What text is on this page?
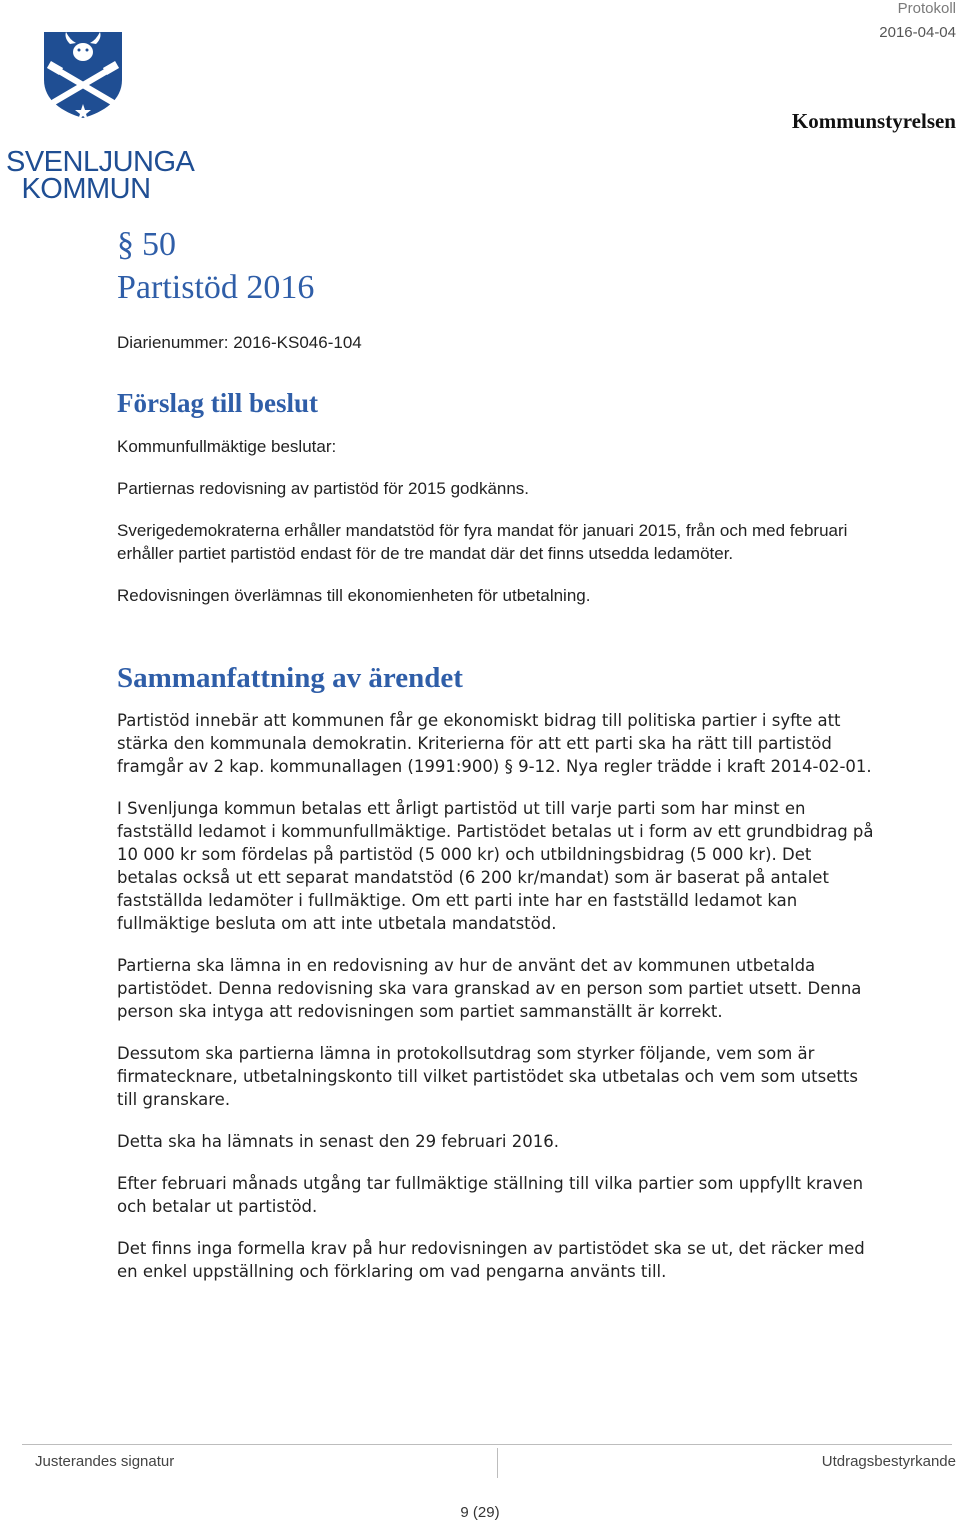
SVENLJUNGA
KOMMUN
Protokoll
2016-04-04
Kommunstyrelsen
§ 50
Partistöd 2016
Diarienummer: 2016-KS046-104
Förslag till beslut

Kommunfullmäktige beslutar:

Partiernas redovisning av partistöd för 2015 godkänns.

Sverigedemokraterna erhåller mandatstöd för fyra mandat för januari 2015, från och med februari erhåller partiet partistöd endast för de tre mandat där det finns utsedda ledamöter.

Redovisningen överlämnas till ekonomienheten för utbetalning.

Sammanfattning av ärendet

Partistöd innebär att kommunen får ge ekonomiskt bidrag till politiska partier i syfte att stärka den kommunala demokratin. Kriterierna för att ett parti ska ha rätt till partistöd framgår av 2 kap. kommunallagen (1991:900) § 9-12. Nya regler trädde i kraft 2014-02-01.

I Svenljunga kommun betalas ett årligt partistöd ut till varje parti som har minst en fastställd ledamot i kommunfullmäktige. Partistödet betalas ut i form av ett grundbidrag på 10 000 kr som fördelas på partistöd (5 000 kr) och utbildningsbidrag (5 000 kr). Det betalas också ut ett separat mandatstöd (6 200 kr/mandat) som är baserat på antalet fastställda ledamöter i fullmäktige. Om ett parti inte har en fastställd ledamot kan fullmäktige besluta om att inte utbetala mandatstöd.

Partierna ska lämna in en redovisning av hur de använt det av kommunen utbetalda partistödet. Denna redovisning ska vara granskad av en person som partiet utsett. Denna person ska intyga att redovisningen som partiet sammanställt är korrekt.

Dessutom ska partierna lämna in protokollsutdrag som styrker följande, vem som är firmatecknare, utbetalningskonto till vilket partistödet ska utbetalas och vem som utsetts till granskare.

Detta ska ha lämnats in senast den 29 februari 2016.

Efter februari månads utgång tar fullmäktige ställning till vilka partier som uppfyllt kraven och betalar ut partistöd.

Det finns inga formella krav på hur redovisningen av partistödet ska se ut, det räcker med en enkel uppställning och förklaring om vad pengarna använts till.

Justerandes signatur	Utdragsbestyrkande
9 (29)
